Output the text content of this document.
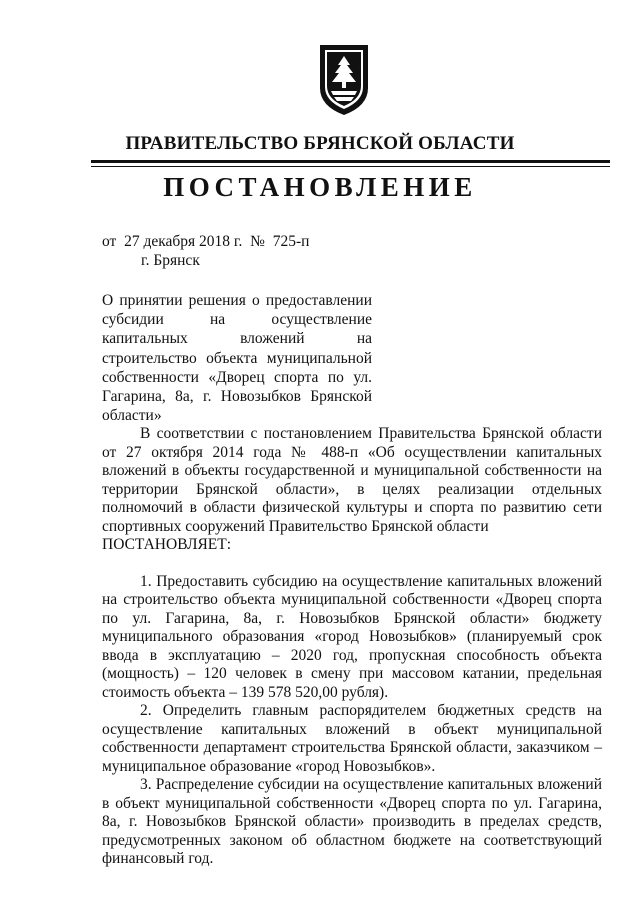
ПРАВИТЕЛЬСТВО БРЯНСКОЙ ОБЛАСТИ
ПОСТАНОВЛЕНИЕ
от 27 декабря 2018 г. № 725-п
г. Брянск
О принятии решения о предоставлении субсидии на осуществление капитальных вложений на строительство объекта муниципальной собственности «Дворец спорта по ул. Гагарина, 8а, г. Новозыбков Брянской области»

В соответствии с постановлением Правительства Брянской области от 27 октября 2014 года № 488-п «Об осуществлении капитальных вложений в объекты государственной и муниципальной собственности на территории Брянской области», в целях реализации отдельных полномочий в области физической культуры и спорта по развитию сети спортивных сооружений Правительство Брянской области

ПОСТАНОВЛЯЕТ:

1. Предоставить субсидию на осуществление капитальных вложений на строительство объекта муниципальной собственности «Дворец спорта по ул. Гагарина, 8а, г. Новозыбков Брянской области» бюджету муниципального образования «город Новозыбков» (планируемый срок ввода в эксплуатацию – 2020 год, пропускная способность объекта (мощность) – 120 человек в смену при массовом катании, предельная стоимость объекта – 139 578 520,00 рубля).

2. Определить главным распорядителем бюджетных средств на осуществление капитальных вложений в объект муниципальной собственности департамент строительства Брянской области, заказчиком – муниципальное образование «город Новозыбков».

3. Распределение субсидии на осуществление капитальных вложений в объект муниципальной собственности «Дворец спорта по ул. Гагарина, 8а, г. Новозыбков Брянской области» производить в пределах средств, предусмотренных законом об областном бюджете на соответствующий финансовый год.
